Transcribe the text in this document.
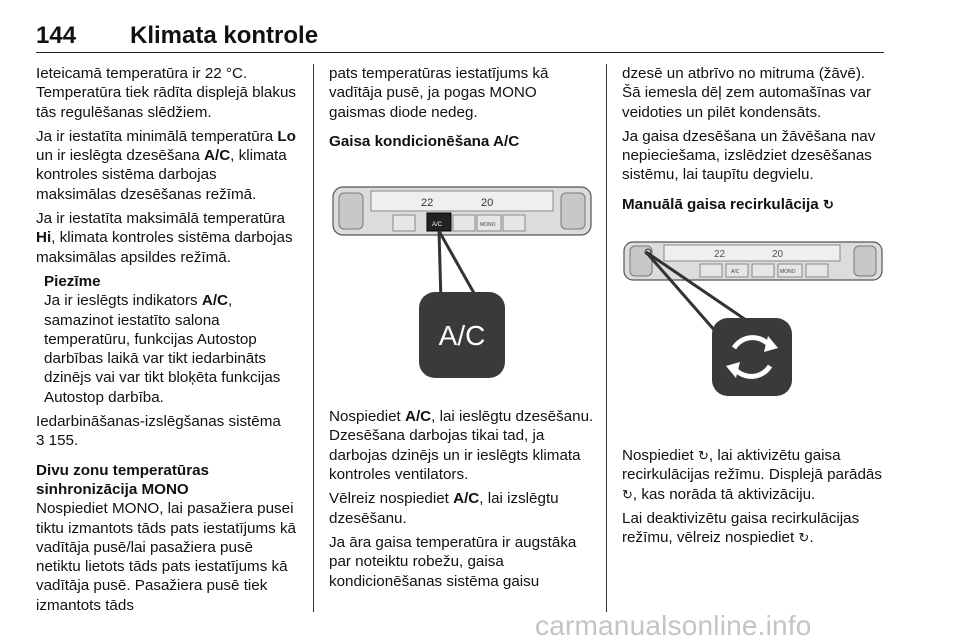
144 Klimata kontrole

Ieteicamā temperatūra ir 22 °C. Temperatūra tiek rādīta displejā blakus tās regulēšanas slēdžiem.

Ja ir iestatīta minimālā temperatūra Lo un ir ieslēgta dzesēšana A/C, klimata kontroles sistēma darbojas maksimālas dzesēšanas režīmā.

Ja ir iestatīta maksimālā temperatūra Hi, klimata kontroles sistēma darbojas maksimālas apsildes režīmā.

Piezīme

Ja ir ieslēgts indikators A/C, samazinot iestatīto salona temperatūru, funkcijas Autostop darbības laikā var tikt iedarbināts dzinējs vai var tikt bloķēta funkcijas Autostop darbība.

Iedarbināšanas-izslēgšanas sistēma
3 155.

Divu zonu temperatūras sinhronizācija MONO

Nospiediet MONO, lai pasažiera pusei tiktu izmantots tāds pats iestatījums kā vadītāja pusē/lai pasažiera pusē netiktu lietots tāds pats iestatījums kā vadītāja pusē. Pasažiera pusē tiek izmantots tāds

pats temperatūras iestatījums kā vadītāja pusē, ja pogas MONO gaismas diode nedeg.

Gaisa kondicionēšana A/C

22	20
A/C	MONO
A/C

Nospiediet A/C, lai ieslēgtu dzesēšanu. Dzesēšana darbojas tikai tad, ja darbojas dzinējs un ir ieslēgts klimata kontroles ventilators.

Vēlreiz nospiediet A/C, lai izslēgtu dzesēšanu.

Ja āra gaisa temperatūra ir augstāka par noteiktu robežu, gaisa kondicionēšanas sistēma gaisu

dzesē un atbrīvo no mitruma (žāvē). Šā iemesla dēļ zem automašīnas var veidoties un pilēt kondensāts.

Ja gaisa dzesēšana un žāvēšana nav nepieciešama, izslēdziet dzesēšanas sistēmu, lai taupītu degvielu.

Manuālā gaisa recirkulācija ↻

22	20
A/C	MONO

Nospiediet ↻, lai aktivizētu gaisa recirkulācijas režīmu. Displejā parādās ↻, kas norāda tā aktivizāciju.

Lai deaktivizētu gaisa recirkulācijas režīmu, vēlreiz nospiediet ↻.

carmanualsonline.info
